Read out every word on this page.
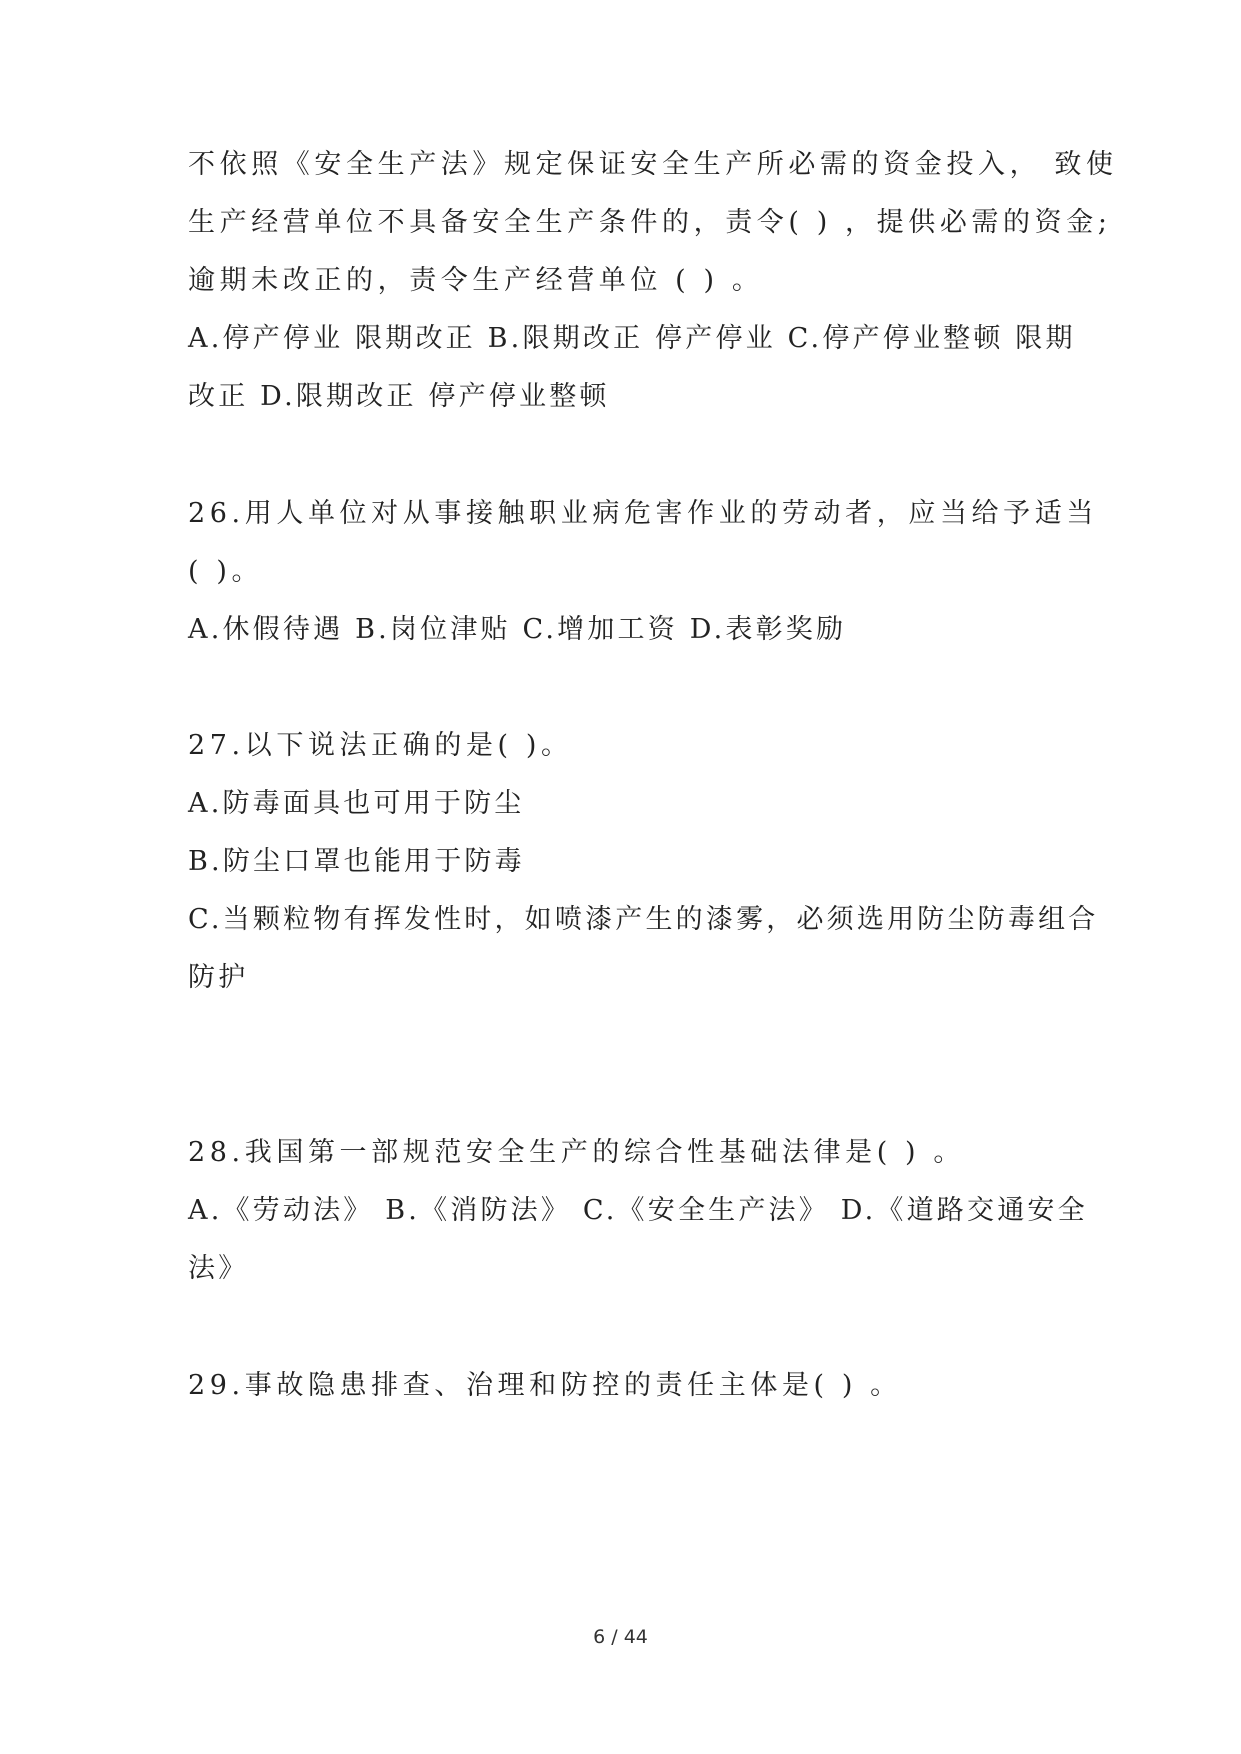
不依照《安全生产法》规定保证安全生产所必需的资金投入， 致使

生产经营单位不具备安全生产条件的，责令( ) ，提供必需的资金;

逾期未改正的，责令生产经营单位 ( ) 。

A.停产停业 限期改正 B.限期改正 停产停业 C.停产停业整顿 限期

改正 D.限期改正 停产停业整顿

26.用人单位对从事接触职业病危害作业的劳动者，应当给予适当

( )。

A.休假待遇 B.岗位津贴 C.增加工资 D.表彰奖励

27.以下说法正确的是( )。

A.防毒面具也可用于防尘

B.防尘口罩也能用于防毒

C.当颗粒物有挥发性时，如喷漆产生的漆雾，必须选用防尘防毒组合

防护

28.我国第一部规范安全生产的综合性基础法律是( ) 。

A.《劳动法》 B.《消防法》 C.《安全生产法》 D.《道路交通安全

法》

29.事故隐患排查、治理和防控的责任主体是( ) 。

6 / 44
